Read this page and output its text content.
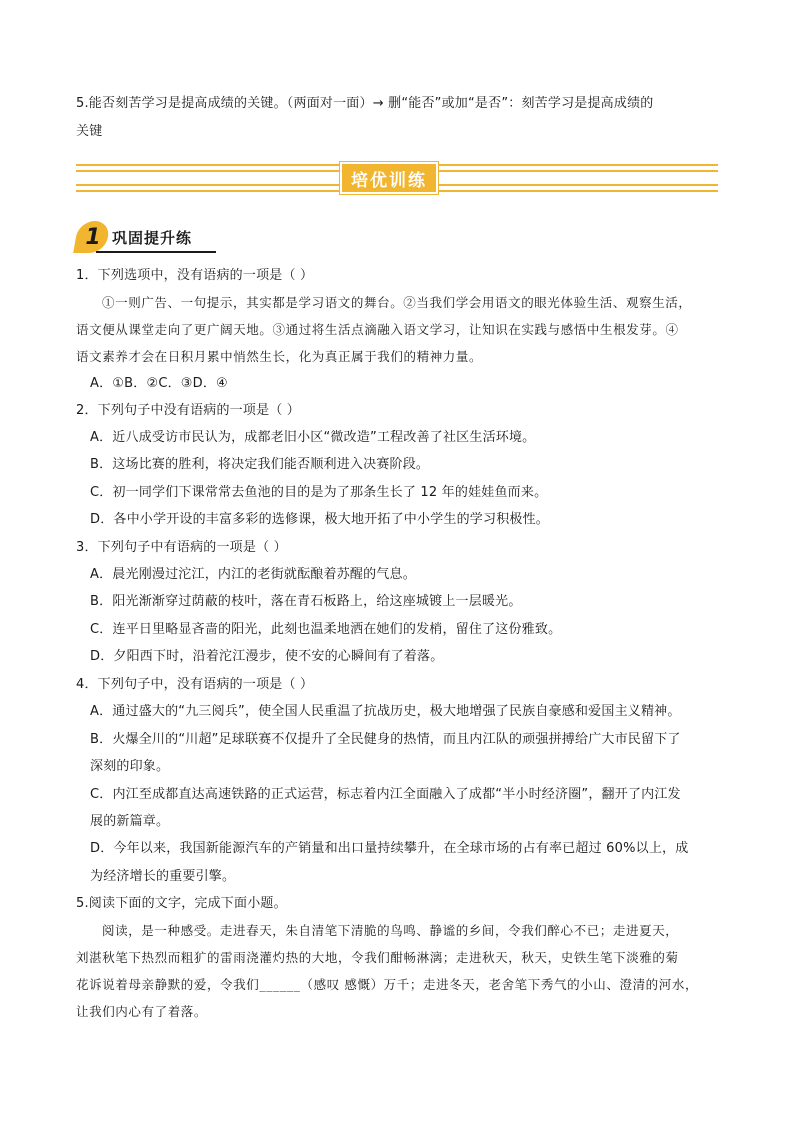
5.能否刻苦学习是提高成绩的关键。（两面对一面）→ 删“能否”或加“是否”：刻苦学习是提高成绩的
关键
培优训练
1 巩固提升练
1．下列选项中，没有语病的一项是（ ）
①一则广告、一句提示，其实都是学习语文的舞台。②当我们学会用语文的眼光体验生活、观察生活，
语文便从课堂走向了更广阔天地。③通过将生活点滴融入语文学习，让知识在实践与感悟中生根发芽。④
语文素养才会在日积月累中悄然生长，化为真正属于我们的精神力量。
A．①B．②C．③D．④
2．下列句子中没有语病的一项是（ ）
A．近八成受访市民认为，成都老旧小区“微改造”工程改善了社区生活环境。
B．这场比赛的胜利，将决定我们能否顺利进入决赛阶段。
C．初一同学们下课常常去鱼池的目的是为了那条生长了 12 年的娃娃鱼而来。
D．各中小学开设的丰富多彩的选修课，极大地开拓了中小学生的学习积极性。
3．下列句子中有语病的一项是（ ）
A．晨光刚漫过沱江，内江的老街就酝酿着苏醒的气息。
B．阳光渐渐穿过荫蔽的枝叶，落在青石板路上，给这座城镀上一层暖光。
C．连平日里略显吝啬的阳光，此刻也温柔地洒在她们的发梢，留住了这份雅致。
D．夕阳西下时，沿着沱江漫步，使不安的心瞬间有了着落。
4．下列句子中，没有语病的一项是（ ）
A．通过盛大的“九三阅兵”，使全国人民重温了抗战历史，极大地增强了民族自豪感和爱国主义精神。
B．火爆全川的“川超”足球联赛不仅提升了全民健身的热情，而且内江队的顽强拼搏给广大市民留下了
深刻的印象。
C．内江至成都直达高速铁路的正式运营，标志着内江全面融入了成都“半小时经济圈”，翻开了内江发
展的新篇章。
D．今年以来，我国新能源汽车的产销量和出口量持续攀升，在全球市场的占有率已超过 60%以上，成
为经济增长的重要引擎。
5.阅读下面的文字，完成下面小题。
阅读，是一种感受。走进春天，朱自清笔下清脆的鸟鸣、静谧的乡间，令我们醉心不已；走进夏天，
刘湛秋笔下热烈而粗犷的雷雨浇灌灼热的大地，令我们酣畅淋漓；走进秋天，秋天，史铁生笔下淡雅的菊
花诉说着母亲静默的爱，令我们______（感叹 感慨）万千；走进冬天，老舍笔下秀气的小山、澄清的河水，
让我们内心有了着落。
